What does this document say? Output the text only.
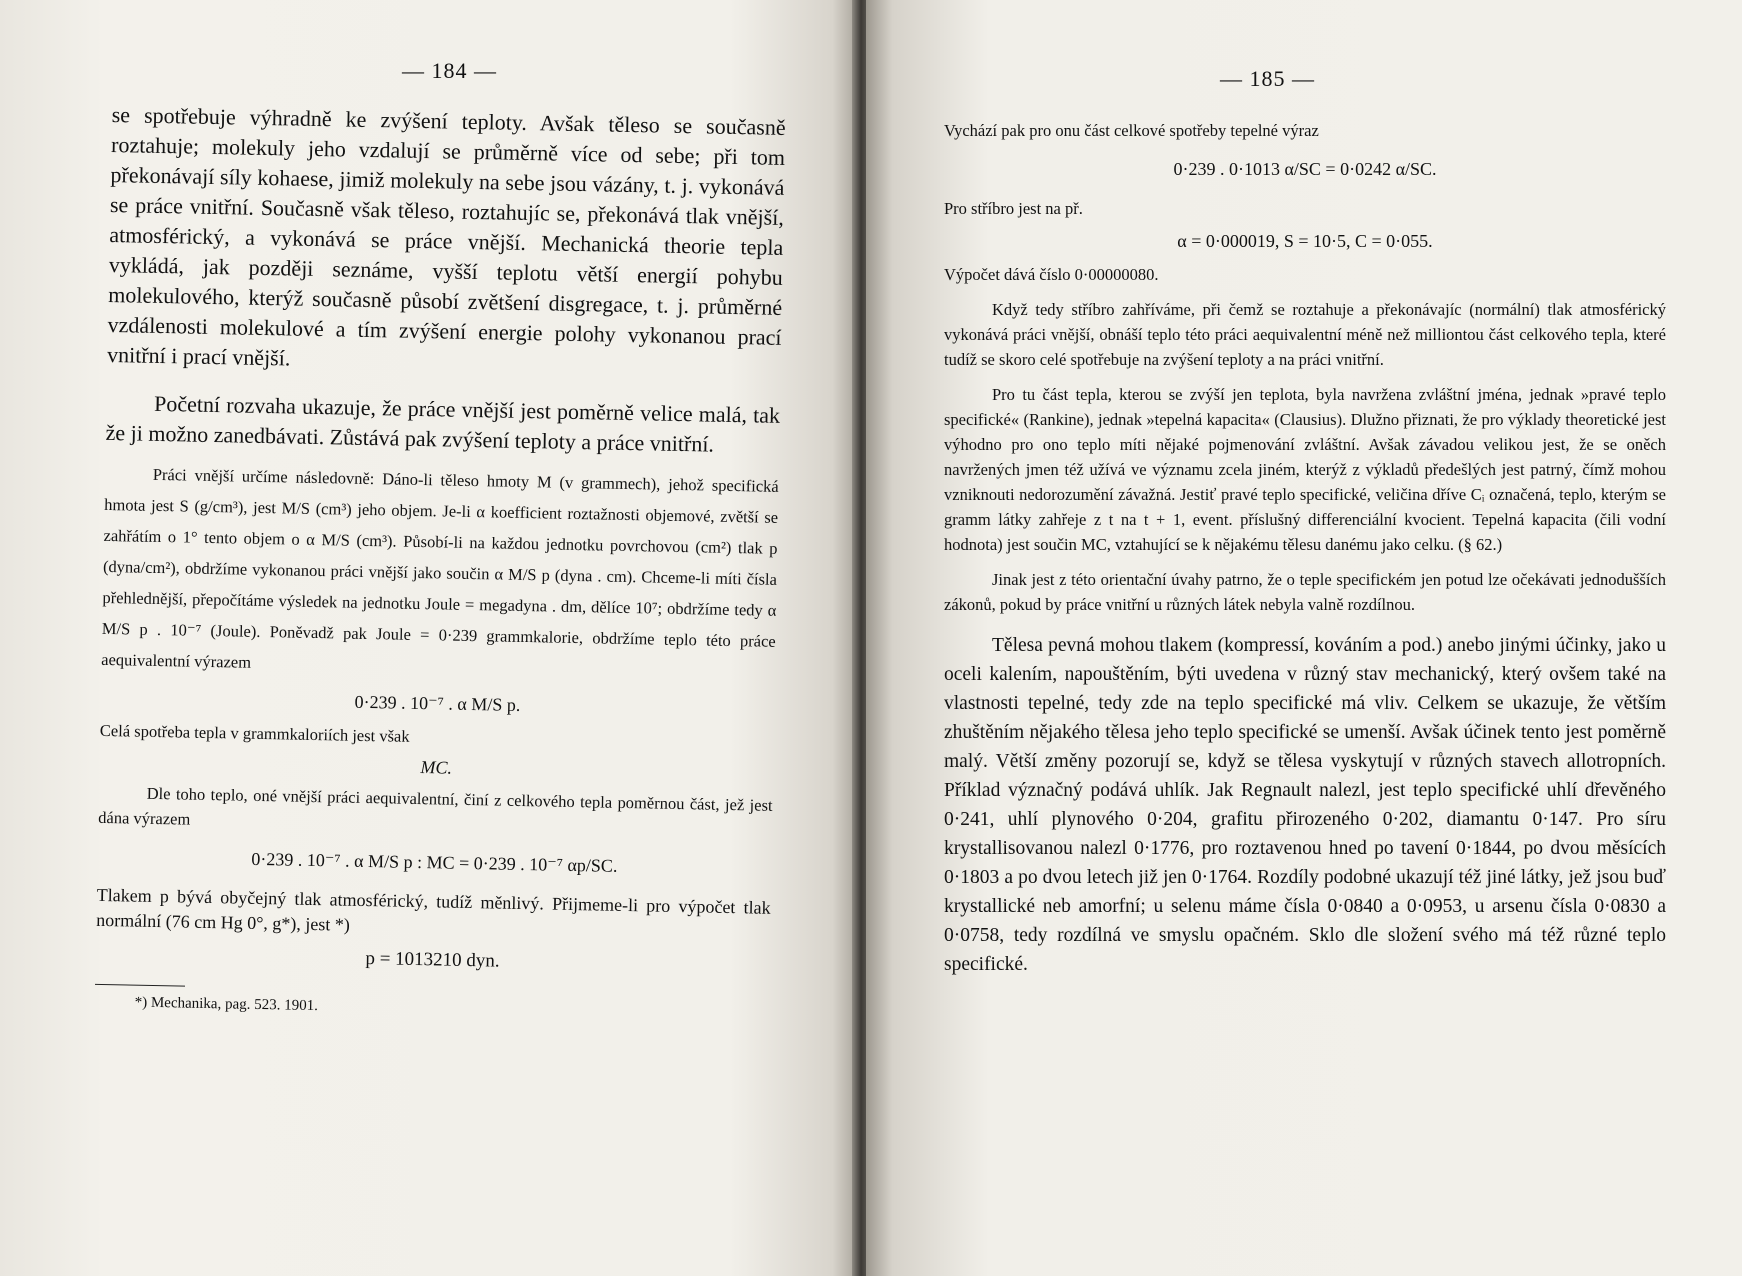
— 184 —

se spotřebuje výhradně ke zvýšení teploty. Avšak těleso se současně roztahuje; molekuly jeho vzdalují se průměrně více od sebe; při tom překonávají síly kohaese, jimiž molekuly na sebe jsou vázány, t. j. vykonává se práce vnitřní. Současně však těleso, roztahujíc se, překonává tlak vnější, atmosférický, a vykonává se práce vnější. Mechanická theorie tepla vykládá, jak později seznáme, vyšší teplotu větší energií pohybu molekulového, kterýž současně působí zvětšení disgregace, t. j. průměrné vzdálenosti molekulové a tím zvýšení energie polohy vykonanou prací vnitřní i prací vnější.

Početní rozvaha ukazuje, že práce vnější jest poměrně velice malá, tak že ji možno zanedbávati. Zůstává pak zvýšení teploty a práce vnitřní.

Práci vnější určíme následovně: Dáno-li těleso hmoty M (v grammech), jehož specifická hmota jest S (g/cm³), jest M/S (cm³) jeho objem. Je-li α koefficient roztažnosti objemové, zvětší se zahřátím o 1° tento objem o α M/S (cm³). Působí-li na každou jednotku povrchovou (cm²) tlak p (dyna/cm²), obdržíme vykonanou práci vnější jako součin α M/S p (dyna . cm). Chceme-li míti čísla přehlednější, přepočítáme výsledek na jednotku Joule = megadyna . dm, dělíce 10⁷; obdržíme tedy α M/S p . 10⁻⁷ (Joule). Poněvadž pak Joule = 0·239 grammkalorie, obdržíme teplo této práce aequivalentní výrazem

0·239 . 10⁻⁷ . α M/S p.

Celá spotřeba tepla v grammkaloriích jest však

MC.

Dle toho teplo, oné vnější práci aequivalentní, činí z celkového tepla poměrnou část, jež jest dána výrazem

0·239 . 10⁻⁷ . α M/S p : MC = 0·239 . 10⁻⁷ αp/SC.

Tlakem p bývá obyčejný tlak atmosférický, tudíž měnlivý. Přijmeme-li pro výpočet tlak normální (76 cm Hg 0°, g*), jest *)

p = 1013210 dyn.

*) Mechanika, pag. 523. 1901.

— 185 —

Vychází pak pro onu část celkové spotřeby tepelné výraz

0·239 . 0·1013 α/SC = 0·0242 α/SC.

Pro stříbro jest na př.

α = 0·000019, S = 10·5, C = 0·055.

Výpočet dává číslo 0·00000080.

Když tedy stříbro zahříváme, při čemž se roztahuje a překonávajíc (normální) tlak atmosférický vykonává práci vnější, obnáší teplo této práci aequivalentní méně než milliontou část celkového tepla, které tudíž se skoro celé spotřebuje na zvýšení teploty a na práci vnitřní.

Pro tu část tepla, kterou se zvýší jen teplota, byla navržena zvláštní jména, jednak »pravé teplo specifické« (Rankine), jednak »tepelná kapacita« (Clausius). Dlužno přiznati, že pro výklady theoretické jest výhodno pro ono teplo míti nějaké pojmenování zvláštní. Avšak závadou velikou jest, že se oněch navržených jmen též užívá ve významu zcela jiném, kterýž z výkladů předešlých jest patrný, čímž mohou vzniknouti nedorozumění závažná. Jestiť pravé teplo specifické, veličina dříve Cᵢ označená, teplo, kterým se gramm látky zahřeje z t na t + 1, event. příslušný differenciální kvocient. Tepelná kapacita (čili vodní hodnota) jest součin MC, vztahující se k nějakému tělesu danému jako celku. (§ 62.)

Jinak jest z této orientační úvahy patrno, že o teple specifickém jen potud lze očekávati jednodušších zákonů, pokud by práce vnitřní u různých látek nebyla valně rozdílnou.

Tělesa pevná mohou tlakem (kompressí, kováním a pod.) anebo jinými účinky, jako u oceli kalením, napouštěním, býti uvedena v různý stav mechanický, který ovšem také na vlastnosti tepelné, tedy zde na teplo specifické má vliv. Celkem se ukazuje, že větším zhuštěním nějakého tělesa jeho teplo specifické se umenší. Avšak účinek tento jest poměrně malý. Větší změny pozorují se, když se tělesa vyskytují v různých stavech allotropních. Příklad význačný podává uhlík. Jak Regnault nalezl, jest teplo specifické uhlí dřevěného 0·241, uhlí plynového 0·204, grafitu přirozeného 0·202, diamantu 0·147. Pro síru krystallisovanou nalezl 0·1776, pro roztavenou hned po tavení 0·1844, po dvou měsících 0·1803 a po dvou letech již jen 0·1764. Rozdíly podobné ukazují též jiné látky, jež jsou buď krystallické neb amorfní; u selenu máme čísla 0·0840 a 0·0953, u arsenu čísla 0·0830 a 0·0758, tedy rozdílná ve smyslu opačném. Sklo dle složení svého má též různé teplo specifické.
